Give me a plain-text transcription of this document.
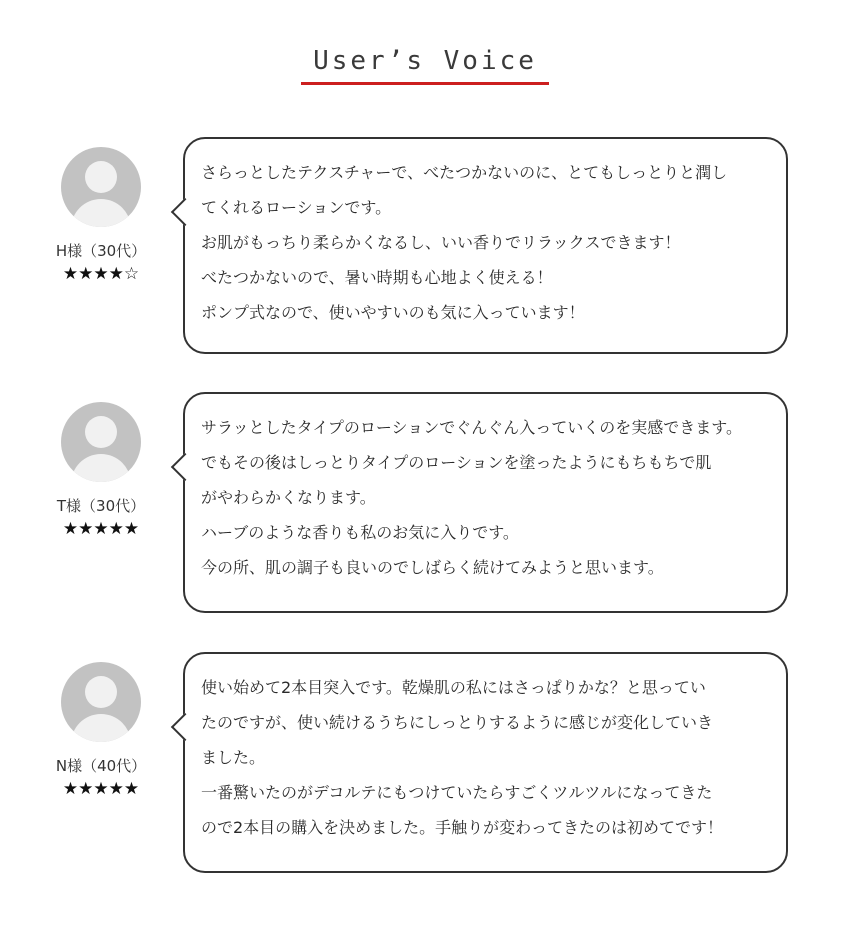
User’s Voice
H様（30代）
★★★★☆
さらっとしたテクスチャーで、べたつかないのに、とてもしっとりと潤し
てくれるローションです。
お肌がもっちり柔らかくなるし、いい香りでリラックスできます！
べたつかないので、暑い時期も心地よく使える！
ポンプ式なので、使いやすいのも気に入っています！
T様（30代）
★★★★★
サラッとしたタイプのローションでぐんぐん入っていくのを実感できます。
でもその後はしっとりタイプのローションを塗ったようにもちもちで肌
がやわらかくなります。
ハーブのような香りも私のお気に入りです。
今の所、肌の調子も良いのでしばらく続けてみようと思います。
N様（40代）
★★★★★
使い始めて2本目突入です。乾燥肌の私にはさっぱりかな？と思ってい
たのですが、使い続けるうちにしっとりするように感じが変化していき
ました。
一番驚いたのがデコルテにもつけていたらすごくツルツルになってきた
ので2本目の購入を決めました。手触りが変わってきたのは初めてです！
